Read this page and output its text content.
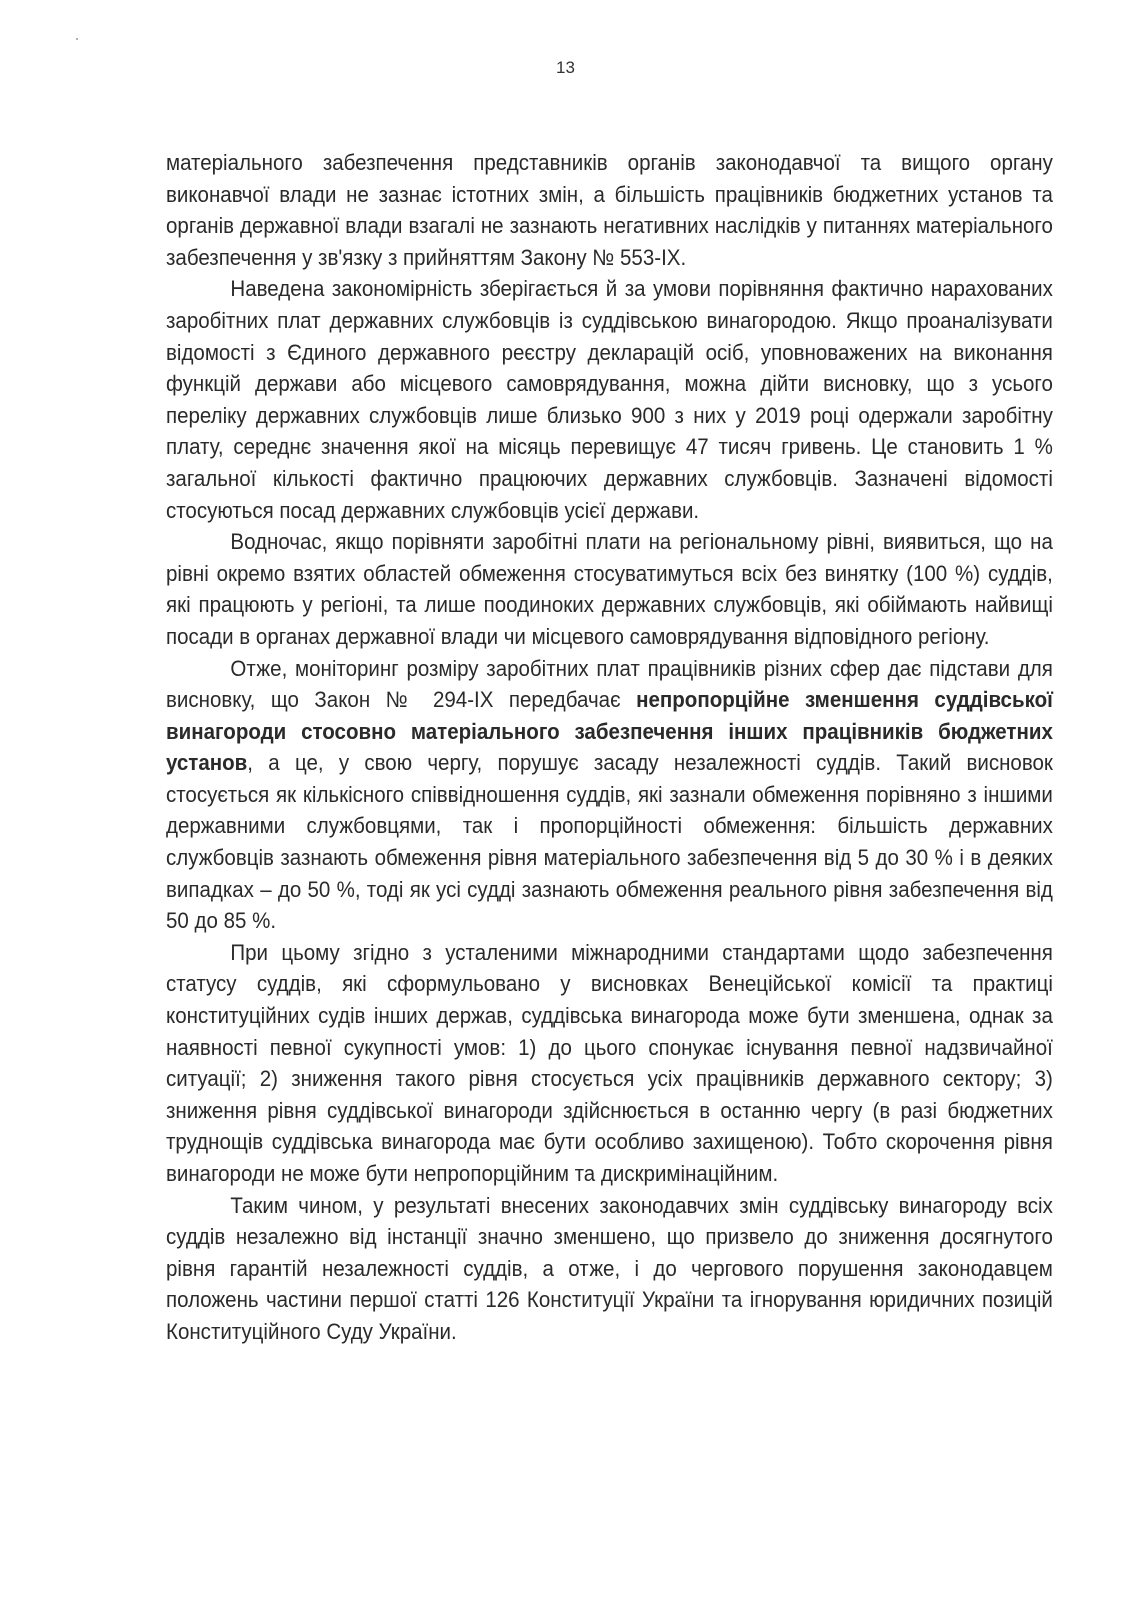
13

матеріального забезпечення представників органів законодавчої та вищого органу виконавчої влади не зазнає істотних змін, а більшість працівників бюджетних установ та органів державної влади взагалі не зазнають негативних наслідків у питаннях матеріального забезпечення у зв'язку з прийняттям Закону № 553-IX.

Наведена закономірність зберігається й за умови порівняння фактично нарахованих заробітних плат державних службовців із суддівською винагородою. Якщо проаналізувати відомості з Єдиного державного реєстру декларацій осіб, уповноважених на виконання функцій держави або місцевого самоврядування, можна дійти висновку, що з усього переліку державних службовців лише близько 900 з них у 2019 році одержали заробітну плату, середнє значення якої на місяць перевищує 47 тисяч гривень. Це становить 1 % загальної кількості фактично працюючих державних службовців. Зазначені відомості стосуються посад державних службовців усієї держави.

Водночас, якщо порівняти заробітні плати на регіональному рівні, виявиться, що на рівні окремо взятих областей обмеження стосуватимуться всіх без винятку (100 %) суддів, які працюють у регіоні, та лише поодиноких державних службовців, які обіймають найвищі посади в органах державної влади чи місцевого самоврядування відповідного регіону.

Отже, моніторинг розміру заробітних плат працівників різних сфер дає підстави для висновку, що Закон № 294-IX передбачає непропорційне зменшення суддівської винагороди стосовно матеріального забезпечення інших працівників бюджетних установ, а це, у свою чергу, порушує засаду незалежності суддів. Такий висновок стосується як кількісного співвідношення суддів, які зазнали обмеження порівняно з іншими державними службовцями, так і пропорційності обмеження: більшість державних службовців зазнають обмеження рівня матеріального забезпечення від 5 до 30 % і в деяких випадках – до 50 %, тоді як усі судді зазнають обмеження реального рівня забезпечення від 50 до 85 %.

При цьому згідно з усталеними міжнародними стандартами щодо забезпечення статусу суддів, які сформульовано у висновках Венеційської комісії та практиці конституційних судів інших держав, суддівська винагорода може бути зменшена, однак за наявності певної сукупності умов: 1) до цього спонукає існування певної надзвичайної ситуації; 2) зниження такого рівня стосується усіх працівників державного сектору; 3) зниження рівня суддівської винагороди здійснюється в останню чергу (в разі бюджетних труднощів суддівська винагорода має бути особливо захищеною). Тобто скорочення рівня винагороди не може бути непропорційним та дискримінаційним.

Таким чином, у результаті внесених законодавчих змін суддівську винагороду всіх суддів незалежно від інстанції значно зменшено, що призвело до зниження досягнутого рівня гарантій незалежності суддів, а отже, і до чергового порушення законодавцем положень частини першої статті 126 Конституції України та ігнорування юридичних позицій Конституційного Суду України.
